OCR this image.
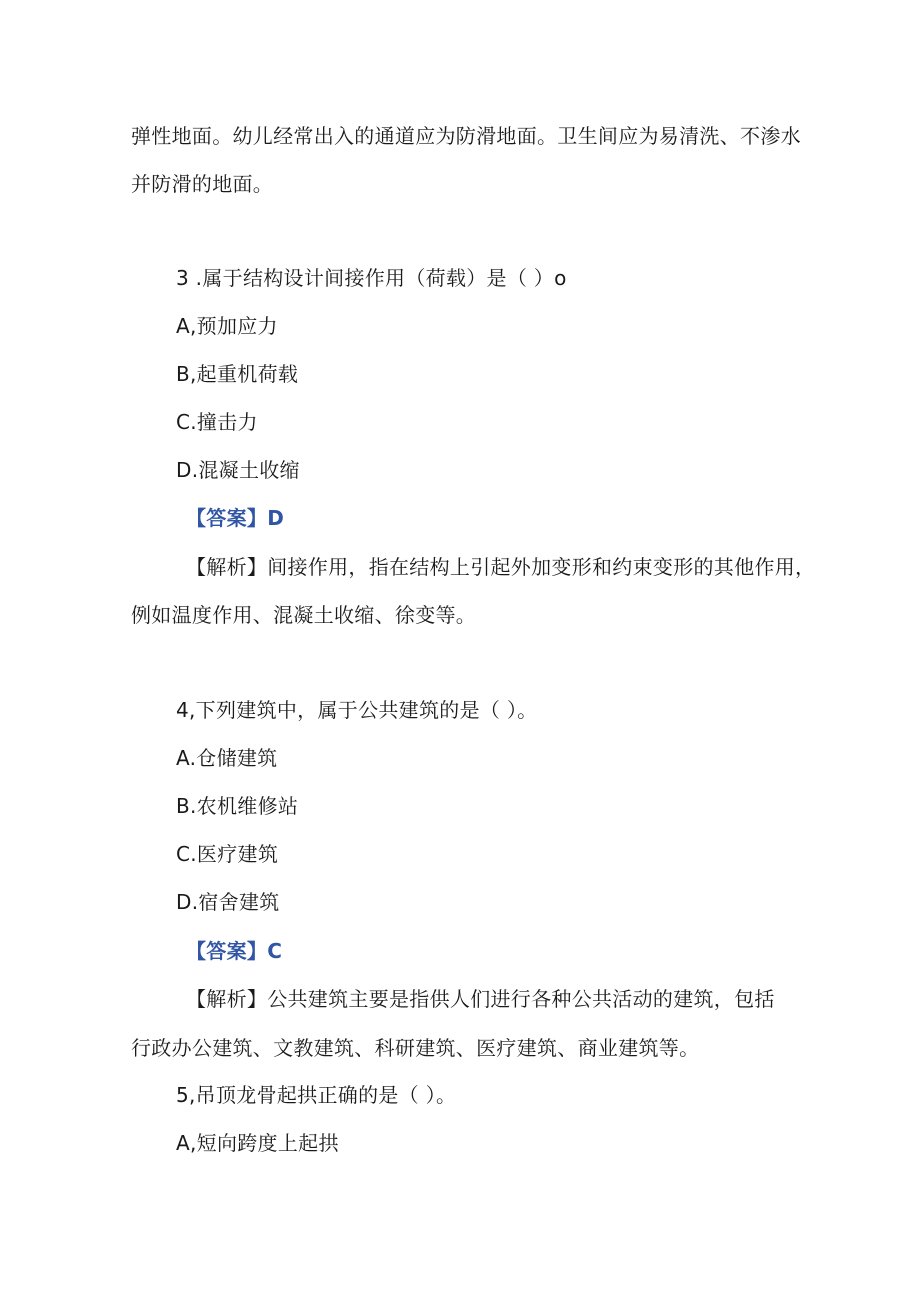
弹性地面。幼儿经常出入的通道应为防滑地面。卫生间应为易清洗、不渗水
并防滑的地面。
3 .属于结构设计间接作用（荷载）是（ ）o
A,预加应力
B,起重机荷载
C.撞击力
D.混凝土收缩
【答案】D
【解析】间接作用，指在结构上引起外加变形和约束变形的其他作用，
例如温度作用、混凝土收缩、徐变等。
4,下列建筑中，属于公共建筑的是（ ）。
A.仓储建筑
B.农机维修站
C.医疗建筑
D.宿舍建筑
【答案】C
【解析】公共建筑主要是指供人们进行各种公共活动的建筑，包括
行政办公建筑、文教建筑、科研建筑、医疗建筑、商业建筑等。
5,吊顶龙骨起拱正确的是（ ）。
A,短向跨度上起拱
